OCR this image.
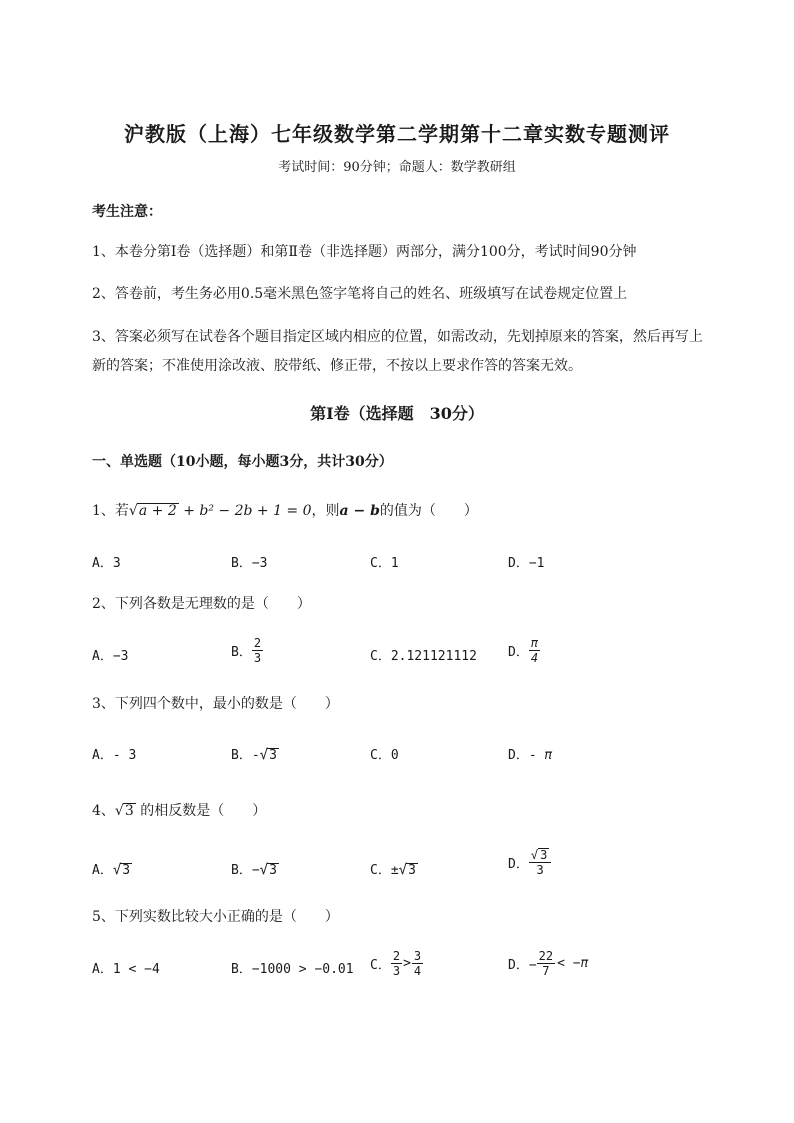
沪教版（上海）七年级数学第二学期第十二章实数专题测评
考试时间：90分钟；命题人：数学教研组
考生注意：
1、本卷分第I卷（选择题）和第Ⅱ卷（非选择题）两部分，满分100分，考试时间90分钟
2、答卷前，考生务必用0.5毫米黑色签字笔将自己的姓名、班级填写在试卷规定位置上
3、答案必须写在试卷各个题目指定区域内相应的位置，如需改动，先划掉原来的答案，然后再写上新的答案；不准使用涂改液、胶带纸、修正带，不按以上要求作答的答案无效。
第I卷（选择题　30分）
一、单选题（10小题，每小题3分，共计30分）
1、若√a + 2 + b² − 2b + 1 = 0，则a − b的值为（　　）
A．3	B．−3	C．1	D．−1
2、下列各数是无理数的是（　　）
A．−3	B． $\frac{2}{3}$	C．2.121121112 D． $\frac{\pi}{4}$
3、下列四个数中，最小的数是（　　）
A．- 3	B．-√3	C．0	D．- π
4、√3 的相反数是（　　）
A．√3	B．−√3	C．±√3	D． $\frac{√ 3}{3}$
5、下列实数比较大小正确的是（　　）
A．1 < −4	B．−1000 > −0.01 C． $\frac{2}{3} > \frac{3}{4}$	D．− $\frac{22}{7} < -\pi$
